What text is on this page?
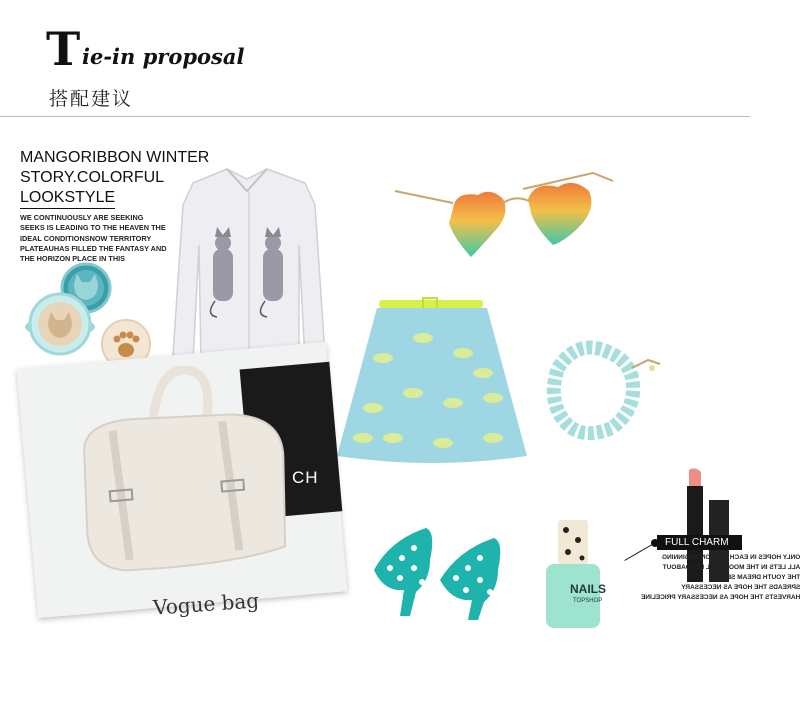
T ie-in proposal
搭配建议
MANGORIBBON WINTER
STORY.COLORFUL
LOOKSTYLE
WE CONTINUOUSLY ARE SEEKING
SEEKS IS LEADING TO THE HEAVEN THE
IDEAL CONDITIONSNOW TERRITORY
PLATEAUHAS FILLED THE FANTASY AND
THE HORIZON PLACE IN THIS
NAILS
TOPSHOP
CH
Vogue bag
FULL CHARM
ONLY HOPES IN EACH SEASON BEGINNING
ALL LETS IN THE MOOD FULL LOADABOUT
THE YOUTH DREAM SEED
SPREADS THE HOPE AS NECESSARY
HARVESTS THE HOPE AS NECESSARY PRICELINE
